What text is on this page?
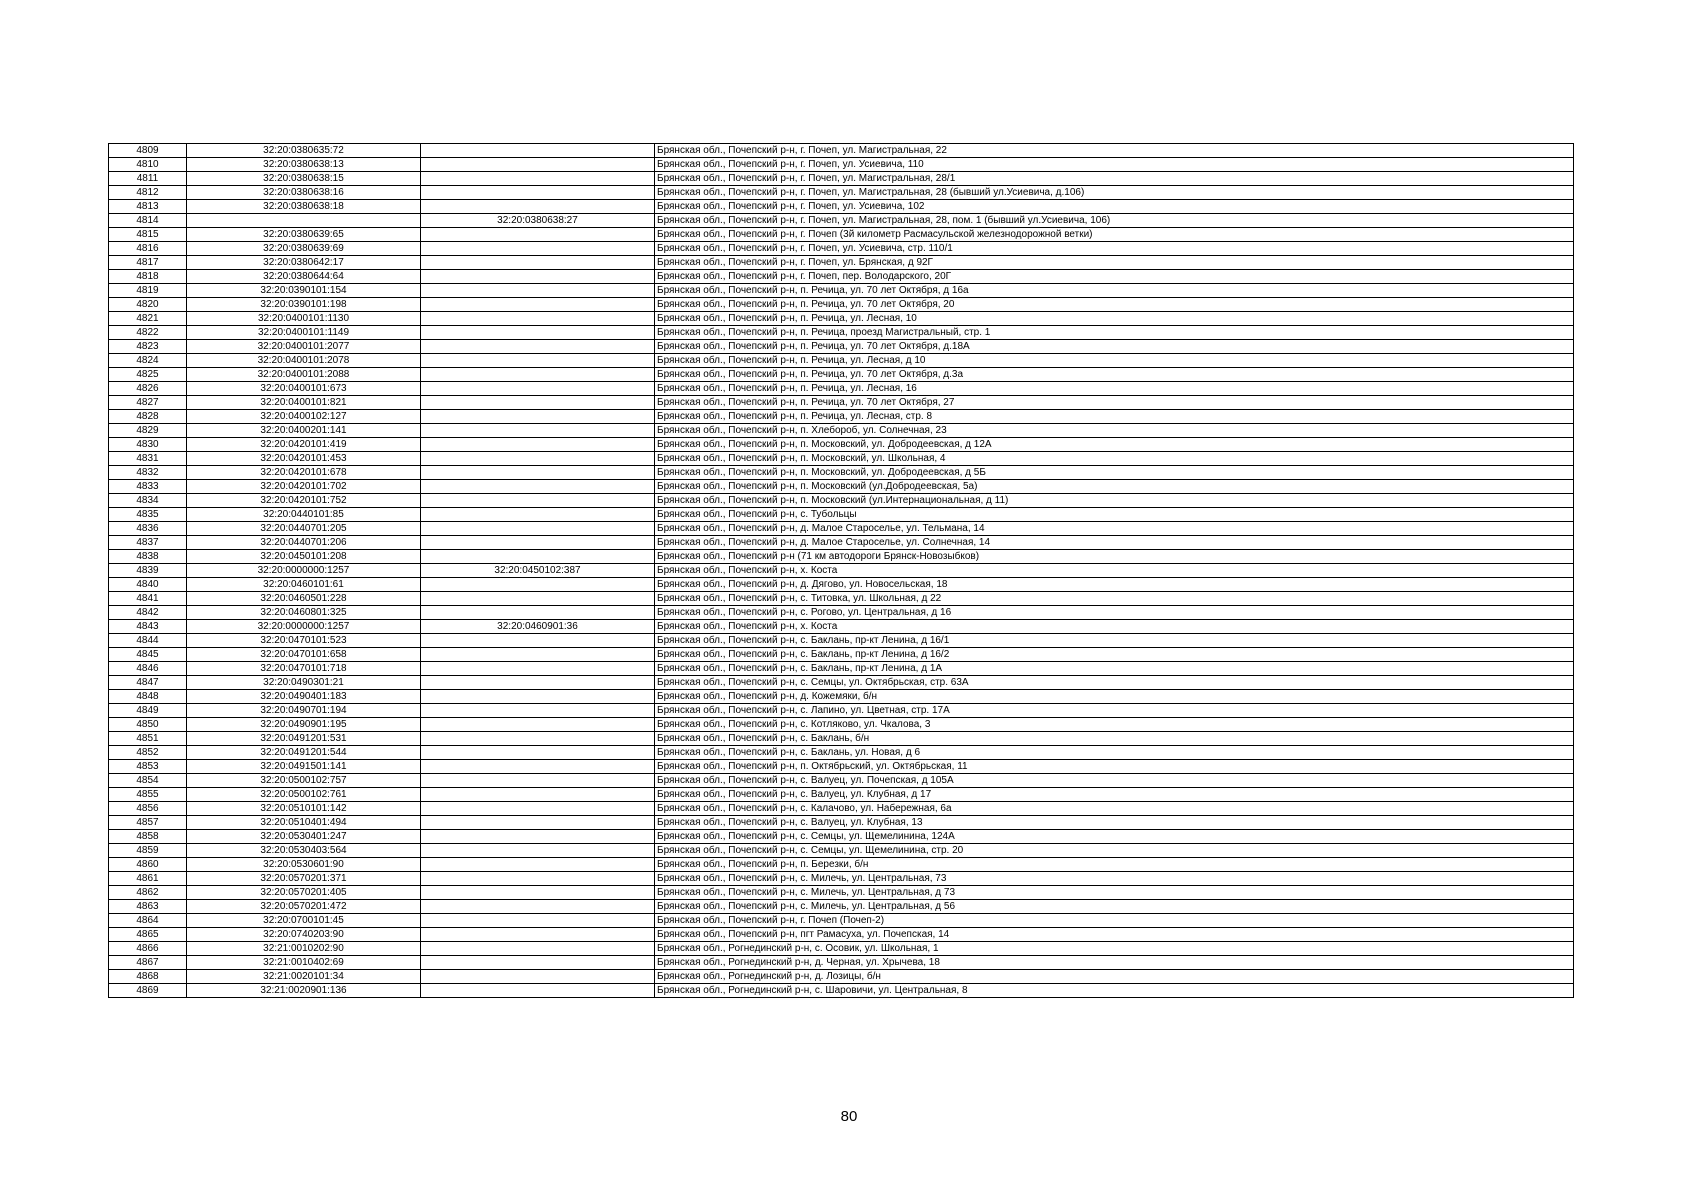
4809	32:20:0380635:72		Брянская обл., Почепский р-н, г. Почеп, ул. Магистральная, 22
4810	32:20:0380638:13		Брянская обл., Почепский р-н, г. Почеп, ул. Усиевича, 110
4811	32:20:0380638:15		Брянская обл., Почепский р-н, г. Почеп, ул. Магистральная, 28/1
4812	32:20:0380638:16		Брянская обл., Почепский р-н, г. Почеп, ул. Магистральная, 28 (бывший ул.Усиевича, д.106)
4813	32:20:0380638:18		Брянская обл., Почепский р-н, г. Почеп, ул. Усиевича, 102
4814		32:20:0380638:27	Брянская обл., Почепский р-н, г. Почеп, ул. Магистральная, 28, пом. 1 (бывший ул.Усиевича, 106)
4815	32:20:0380639:65		Брянская обл., Почепский р-н, г. Почеп (3й километр Расмасульской железнодорожной ветки)
4816	32:20:0380639:69		Брянская обл., Почепский р-н, г. Почеп, ул. Усиевича, стр. 110/1
4817	32:20:0380642:17		Брянская обл., Почепский р-н, г. Почеп, ул. Брянская, д 92Г
4818	32:20:0380644:64		Брянская обл., Почепский р-н, г. Почеп, пер. Володарского, 20Г
4819	32:20:0390101:154		Брянская обл., Почепский р-н, п. Речица, ул. 70 лет Октября, д 16а
4820	32:20:0390101:198		Брянская обл., Почепский р-н, п. Речица, ул. 70 лет Октября, 20
4821	32:20:0400101:1130		Брянская обл., Почепский р-н, п. Речица, ул. Лесная, 10
4822	32:20:0400101:1149		Брянская обл., Почепский р-н, п. Речица, проезд Магистральный, стр. 1
4823	32:20:0400101:2077		Брянская обл., Почепский р-н, п. Речица, ул. 70 лет Октября, д.18А
4824	32:20:0400101:2078		Брянская обл., Почепский р-н, п. Речица, ул. Лесная, д 10
4825	32:20:0400101:2088		Брянская обл., Почепский р-н, п. Речица, ул. 70 лет Октября, д.3а
4826	32:20:0400101:673		Брянская обл., Почепский р-н, п. Речица, ул. Лесная, 16
4827	32:20:0400101:821		Брянская обл., Почепский р-н, п. Речица, ул. 70 лет Октября, 27
4828	32:20:0400102:127		Брянская обл., Почепский р-н, п. Речица, ул. Лесная, стр. 8
4829	32:20:0400201:141		Брянская обл., Почепский р-н, п. Хлебороб, ул. Солнечная, 23
4830	32:20:0420101:419		Брянская обл., Почепский р-н, п. Московский, ул. Добродеевская, д 12А
4831	32:20:0420101:453		Брянская обл., Почепский р-н, п. Московский, ул. Школьная, 4
4832	32:20:0420101:678		Брянская обл., Почепский р-н, п. Московский, ул. Добродеевская, д 5Б
4833	32:20:0420101:702		Брянская обл., Почепский р-н, п. Московский (ул.Добродеевская, 5а)
4834	32:20:0420101:752		Брянская обл., Почепский р-н, п. Московский (ул.Интернациональная, д 11)
4835	32:20:0440101:85		Брянская обл., Почепский р-н, с. Тубольцы
4836	32:20:0440701:205		Брянская обл., Почепский р-н, д. Малое Староселье, ул. Тельмана, 14
4837	32:20:0440701:206		Брянская обл., Почепский р-н, д. Малое Староселье, ул. Солнечная, 14
4838	32:20:0450101:208		Брянская обл., Почепский р-н (71 км автодороги Брянск-Новозыбков)
4839	32:20:0000000:1257	32:20:0450102:387	Брянская обл., Почепский р-н, х. Коста
4840	32:20:0460101:61		Брянская обл., Почепский р-н, д. Дягово, ул. Новосельская, 18
4841	32:20:0460501:228		Брянская обл., Почепский р-н, с. Титовка, ул. Школьная, д 22
4842	32:20:0460801:325		Брянская обл., Почепский р-н, с. Рогово, ул. Центральная, д 16
4843	32:20:0000000:1257	32:20:0460901:36	Брянская обл., Почепский р-н, х. Коста
4844	32:20:0470101:523		Брянская обл., Почепский р-н, с. Баклань, пр-кт Ленина, д 16/1
4845	32:20:0470101:658		Брянская обл., Почепский р-н, с. Баклань, пр-кт Ленина, д 16/2
4846	32:20:0470101:718		Брянская обл., Почепский р-н, с. Баклань, пр-кт Ленина, д 1А
4847	32:20:0490301:21		Брянская обл., Почепский р-н, с. Семцы, ул. Октябрьская, стр. 63А
4848	32:20:0490401:183		Брянская обл., Почепский р-н, д. Кожемяки, б/н
4849	32:20:0490701:194		Брянская обл., Почепский р-н, с. Лапино, ул. Цветная, стр. 17А
4850	32:20:0490901:195		Брянская обл., Почепский р-н, с. Котляково, ул. Чкалова, 3
4851	32:20:0491201:531		Брянская обл., Почепский р-н, с. Баклань, б/н
4852	32:20:0491201:544		Брянская обл., Почепский р-н, с. Баклань, ул. Новая, д 6
4853	32:20:0491501:141		Брянская обл., Почепский р-н, п. Октябрьский, ул. Октябрьская, 11
4854	32:20:0500102:757		Брянская обл., Почепский р-н, с. Валуец, ул. Почепская, д 105А
4855	32:20:0500102:761		Брянская обл., Почепский р-н, с. Валуец, ул. Клубная, д 17
4856	32:20:0510101:142		Брянская обл., Почепский р-н, с. Калачово, ул. Набережная, 6а
4857	32:20:0510401:494		Брянская обл., Почепский р-н, с. Валуец, ул. Клубная, 13
4858	32:20:0530401:247		Брянская обл., Почепский р-н, с. Семцы, ул. Щемелинина, 124А
4859	32:20:0530403:564		Брянская обл., Почепский р-н, с. Семцы, ул. Щемелинина, стр. 20
4860	32:20:0530601:90		Брянская обл., Почепский р-н, п. Березки, б/н
4861	32:20:0570201:371		Брянская обл., Почепский р-н, с. Милечь, ул. Центральная, 73
4862	32:20:0570201:405		Брянская обл., Почепский р-н, с. Милечь, ул. Центральная, д 73
4863	32:20:0570201:472		Брянская обл., Почепский р-н, с. Милечь, ул. Центральная, д 56
4864	32:20:0700101:45		Брянская обл., Почепский р-н, г. Почеп (Почеп-2)
4865	32:20:0740203:90		Брянская обл., Почепский р-н, пгт Рамасуха, ул. Почепская, 14
4866	32:21:0010202:90		Брянская обл., Рогнединский р-н, с. Осовик, ул. Школьная, 1
4867	32:21:0010402:69		Брянская обл., Рогнединский р-н, д. Черная, ул. Хрычева, 18
4868	32:21:0020101:34		Брянская обл., Рогнединский р-н, д. Лозицы, б/н
4869	32:21:0020901:136		Брянская обл., Рогнединский р-н, с. Шаровичи, ул. Центральная, 8
80
